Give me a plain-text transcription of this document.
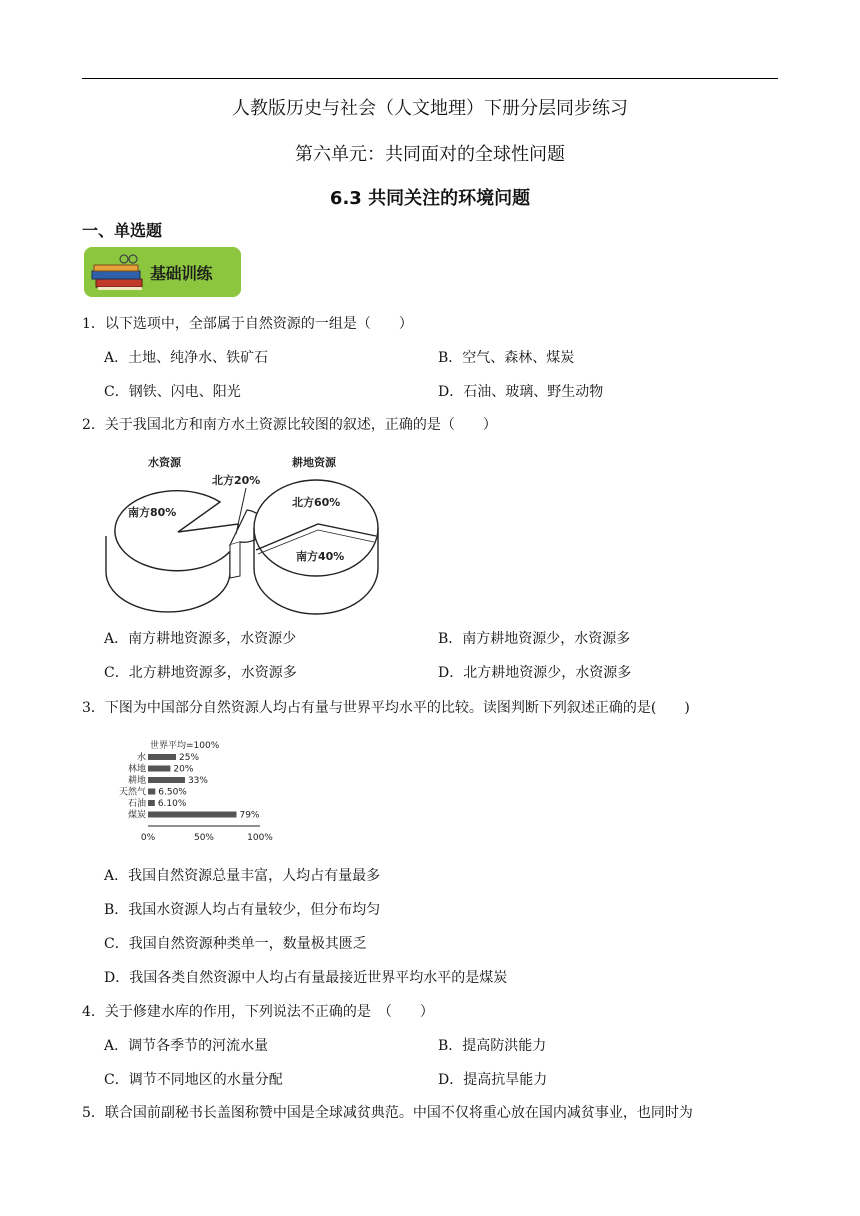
人教版历史与社会（人文地理）下册分层同步练习
第六单元：共同面对的全球性问题
6.3 共同关注的环境问题
一、单选题
基础训练
1．以下选项中，全部属于自然资源的一组是（　　）
A．土地、纯净水、铁矿石	B．空气、森林、煤炭
C．钢铁、闪电、阳光	D．石油、玻璃、野生动物
2．关于我国北方和南方水土资源比较图的叙述，正确的是（　　）
水资源
南方80%
北方20%
耕地资源
北方60%
南方40%
A．南方耕地资源多，水资源少	B．南方耕地资源少，水资源多
C．北方耕地资源多，水资源多	D．北方耕地资源少，水资源多
3．下图为中国部分自然资源人均占有量与世界平均水平的比较。读图判断下列叙述正确的是(　　)
世界平均=100%
水	25%
林地	20%
耕地	33%
天然气 6.50%
石油 6.10%
煤炭	79%
0%	50%	100%
A．我国自然资源总量丰富，人均占有量最多
B．我国水资源人均占有量较少，但分布均匀
C．我国自然资源种类单一，数量极其匮乏
D．我国各类自然资源中人均占有量最接近世界平均水平的是煤炭
4．关于修建水库的作用，下列说法不正确的是　（　　）
A．调节各季节的河流水量	B．提高防洪能力
C．调节不同地区的水量分配	D．提高抗旱能力
5．联合国前副秘书长盖图称赞中国是全球减贫典范。中国不仅将重心放在国内减贫事业，也同时为
